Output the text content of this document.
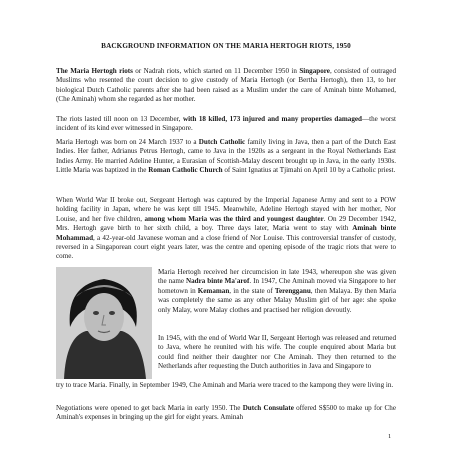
BACKGROUND INFORMATION ON THE MARIA HERTOGH RIOTS, 1950

The Maria Hertogh riots or Nadrah riots, which started on 11 December 1950 in Singapore, consisted of outraged Muslims who resented the court decision to give custody of Maria Hertogh (or Bertha Hertogh), then 13, to her biological Dutch Catholic parents after she had been raised as a Muslim under the care of Aminah binte Mohamed, (Che Aminah) whom she regarded as her mother.

The riots lasted till noon on 13 December, with 18 killed, 173 injured and many properties damaged—the worst incident of its kind ever witnessed in Singapore.

Maria Hertogh was born on 24 March 1937 to a Dutch Catholic family living in Java, then a part of the Dutch East Indies. Her father, Adrianus Petrus Hertogh, came to Java in the 1920s as a sergeant in the Royal Netherlands East Indies Army. He married Adeline Hunter, a Eurasian of Scottish-Malay descent brought up in Java, in the early 1930s. Little Maria was baptized in the Roman Catholic Church of Saint Ignatius at Tjimahi on April 10 by a Catholic priest.

When World War II broke out, Sergeant Hertogh was captured by the Imperial Japanese Army and sent to a POW holding facility in Japan, where he was kept till 1945. Meanwhile, Adeline Hertogh stayed with her mother, Nor Louise, and her five children, among whom Maria was the third and youngest daughter. On 29 December 1942, Mrs. Hertogh gave birth to her sixth child, a boy. Three days later, Maria went to stay with Aminah binte Mohammad, a 42-year-old Javanese woman and a close friend of Nor Louise. This controversial transfer of custody, reversed in a Singaporean court eight years later, was the centre and opening episode of the tragic riots that were to come.

Maria Hertogh received her circumcision in late 1943, whereupon she was given the name Nadra binte Ma'arof. In 1947, Che Aminah moved via Singapore to her hometown in Kemaman, in the state of Terengganu, then Malaya. By then Maria was completely the same as any other Malay Muslim girl of her age: she spoke only Malay, wore Malay clothes and practised her religion devoutly.

In 1945, with the end of World War II, Sergeant Hertogh was released and returned to Java, where he reunited with his wife. The couple enquired about Maria but could find neither their daughter nor Che Aminah. They then returned to the Netherlands after requesting the Dutch authorities in Java and Singapore to

try to trace Maria. Finally, in September 1949, Che Aminah and Maria were traced to the kampong they were living in.

Negotiations were opened to get back Maria in early 1950. The Dutch Consulate offered S$500 to make up for Che Aminah's expenses in bringing up the girl for eight years. Aminah

1
